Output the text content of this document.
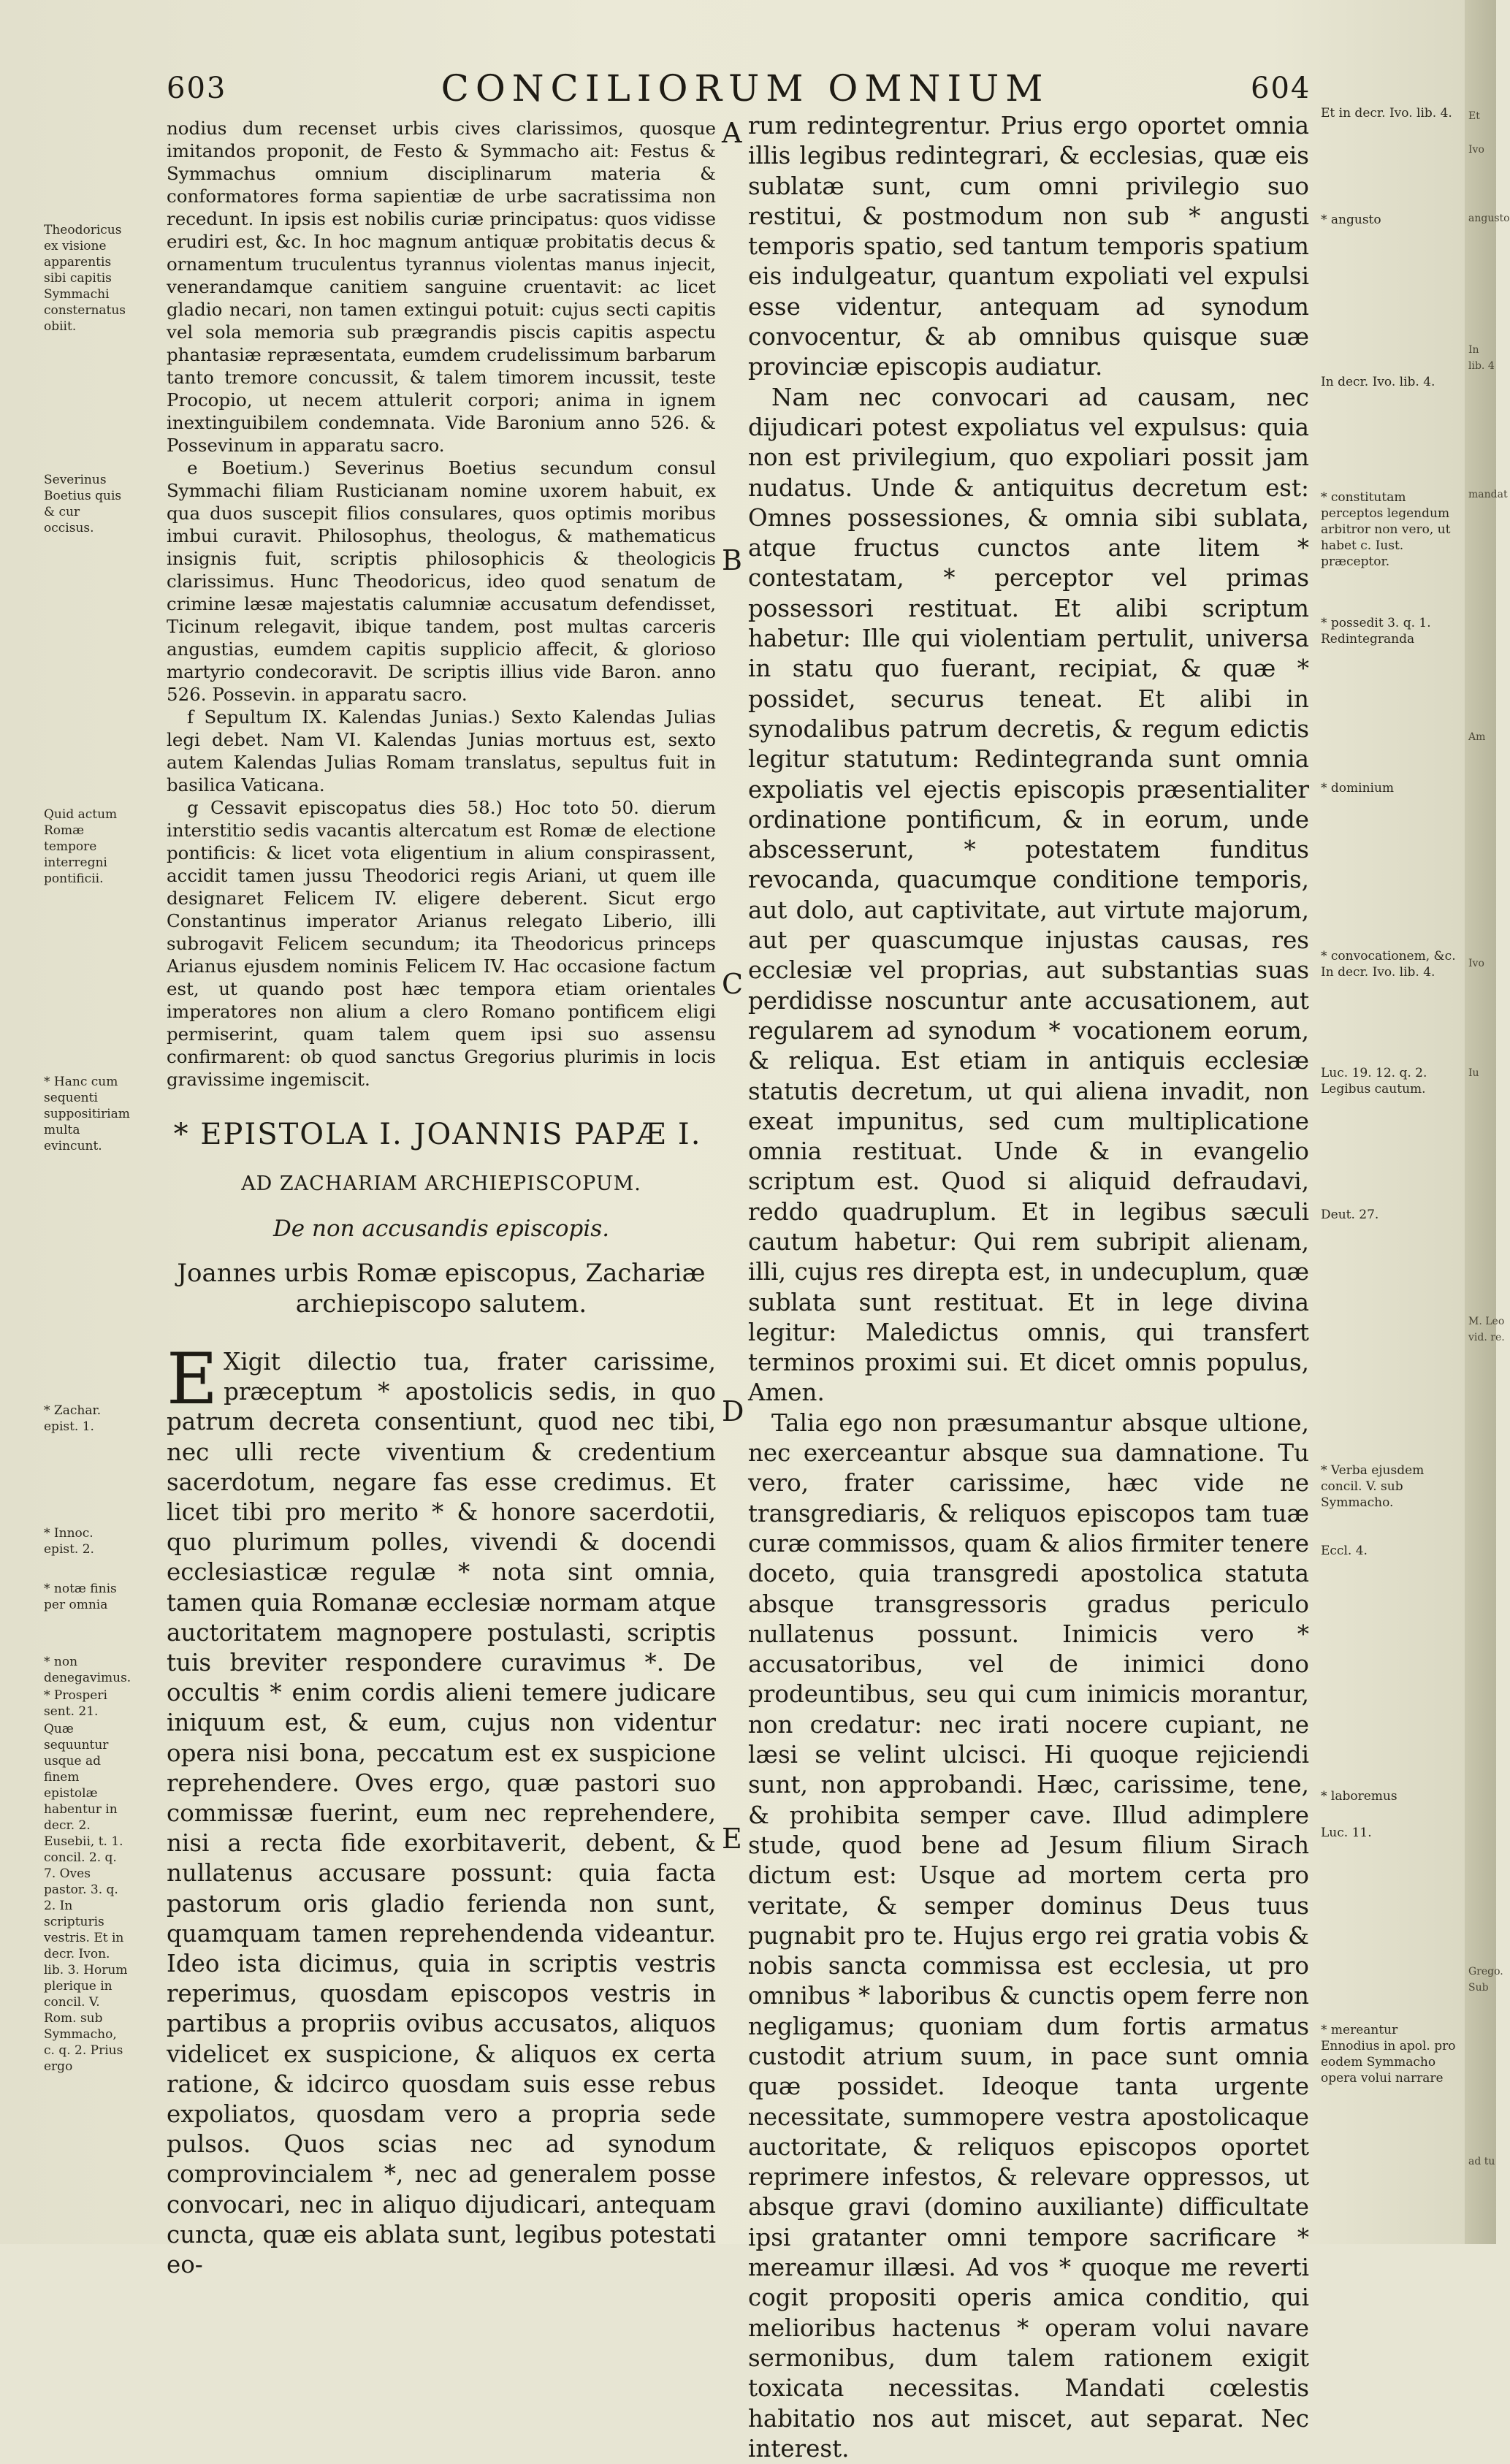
603	CONCILIORUM OMNIUM	604

nodius dum recenset urbis cives clarissimos, quosque imitandos proponit, de Festo & Symmacho ait: Festus & Symmachus omnium disciplinarum materia & conformatores forma sapientiæ de urbe sacratissima non recedunt. In ipsis est nobilis curiæ principatus: quos vidisse erudiri est, &c. In hoc magnum antiquæ probitatis decus & ornamentum truculentus tyrannus violentas manus injecit, venerandamque canitiem sanguine cruentavit: ac licet gladio necari, non tamen extingui potuit: cujus secti capitis vel sola memoria sub prægrandis piscis capitis aspectu phantasiæ repræsentata, eumdem crudelissimum barbarum tanto tremore concussit, & talem timorem incussit, teste Procopio, ut necem attulerit corpori; anima in ignem inextinguibilem condemnata. Vide Baronium anno 526. & Possevinum in apparatu sacro.

e Boetium.) Severinus Boetius secundum consul Symmachi filiam Rusticianam nomine uxorem habuit, ex qua duos suscepit filios consulares, quos optimis moribus imbui curavit. Philosophus, theologus, & mathematicus insignis fuit, scriptis philosophicis & theologicis clarissimus. Hunc Theodoricus, ideo quod senatum de crimine læsæ majestatis calumniæ accusatum defendisset, Ticinum relegavit, ibique tandem, post multas carceris angustias, eumdem capitis supplicio affecit, & glorioso martyrio condecoravit. De scriptis illius vide Baron. anno 526. Possevin. in apparatu sacro.

f Sepultum IX. Kalendas Junias.) Sexto Kalendas Julias legi debet. Nam VI. Kalendas Junias mortuus est, sexto autem Kalendas Julias Romam translatus, sepultus fuit in basilica Vaticana.

g Cessavit episcopatus dies 58.) Hoc toto 50. dierum interstitio sedis vacantis altercatum est Romæ de electione pontificis: & licet vota eligentium in alium conspirassent, accidit tamen jussu Theodorici regis Ariani, ut quem ille designaret Felicem IV. eligere deberent. Sicut ergo Constantinus imperator Arianus relegato Liberio, illi subrogavit Felicem secundum; ita Theodoricus princeps Arianus ejusdem nominis Felicem IV. Hac occasione factum est, ut quando post hæc tempora etiam orientales imperatores non alium a clero Romano pontificem eligi permiserint, quam talem quem ipsi suo assensu confirmarent: ob quod sanctus Gregorius plurimis in locis gravissime ingemiscit.

* EPISTOLA I. JOANNIS PAPÆ I.
AD ZACHARIAM ARCHIEPISCOPUM.
De non accusandis episcopis.
Joannes urbis Romæ episcopus, Zachariæ archiepiscopo salutem.

E Xigit dilectio tua, frater carissime, præceptum * apostolicis sedis, in quo patrum decreta consentiunt, quod nec tibi, nec ulli recte viventium & credentium sacerdotum, negare fas esse credimus. Et licet tibi pro merito * & honore sacerdotii, quo plurimum polles, vivendi & docendi ecclesiasticæ regulæ * nota sint omnia, tamen quia Romanæ ecclesiæ normam atque auctoritatem magnopere postulasti, scriptis tuis breviter respondere curavimus *. De occultis * enim cordis alieni temere judicare iniquum est, & eum, cujus non videntur opera nisi bona, peccatum est ex suspicione reprehendere. Oves ergo, quæ pastori suo commissæ fuerint, eum nec reprehendere, nisi a recta fide exorbitaverit, debent, & nullatenus accusare possunt: quia facta pastorum oris gladio ferienda non sunt, quamquam tamen reprehendenda videantur. Ideo ista dicimus, quia in scriptis vestris reperimus, quosdam episcopos vestris in partibus a propriis ovibus accusatos, aliquos videlicet ex suspicione, & aliquos ex certa ratione, & idcirco quosdam suis esse rebus expoliatos, quosdam vero a propria sede pulsos. Quos scias nec ad synodum comprovincialem *, nec ad generalem posse convocari, nec in aliquo dijudicari, antequam cuncta, quæ eis ablata sunt, legibus potestati eo-

rum redintegrentur. Prius ergo oportet omnia illis legibus redintegrari, & ecclesias, quæ eis sublatæ sunt, cum omni privilegio suo restitui, & postmodum non sub * angusti temporis spatio, sed tantum temporis spatium eis indulgeatur, quantum expoliati vel expulsi esse videntur, antequam ad synodum convocentur, & ab omnibus quisque suæ provinciæ episcopis audiatur.

Nam nec convocari ad causam, nec dijudicari potest expoliatus vel expulsus: quia non est privilegium, quo expoliari possit jam nudatus. Unde & antiquitus decretum est: Omnes possessiones, & omnia sibi sublata, atque fructus cunctos ante litem * contestatam, * perceptor vel primas possessori restituat. Et alibi scriptum habetur: Ille qui violentiam pertulit, universa in statu quo fuerant, recipiat, & quæ * possidet, securus teneat. Et alibi in synodalibus patrum decretis, & regum edictis legitur statutum: Redintegranda sunt omnia expoliatis vel ejectis episcopis præsentialiter ordinatione pontificum, & in eorum, unde abscesserunt, * potestatem funditus revocanda, quacumque conditione temporis, aut dolo, aut captivitate, aut virtute majorum, aut per quascumque injustas causas, res ecclesiæ vel proprias, aut substantias suas perdidisse noscuntur ante accusationem, aut regularem ad synodum * vocationem eorum, & reliqua. Est etiam in antiquis ecclesiæ statutis decretum, ut qui aliena invadit, non exeat impunitus, sed cum multiplicatione omnia restituat. Unde & in evangelio scriptum est. Quod si aliquid defraudavi, reddo quadruplum. Et in legibus sæculi cautum habetur: Qui rem subripit alienam, illi, cujus res direpta est, in undecuplum, quæ sublata sunt restituat. Et in lege divina legitur: Maledictus omnis, qui transfert terminos proximi sui. Et dicet omnis populus, Amen.

Talia ego non præsumantur absque ultione, nec exerceantur absque sua damnatione. Tu vero, frater carissime, hæc vide ne transgrediaris, & reliquos episcopos tam tuæ curæ commissos, quam & alios firmiter tenere doceto, quia transgredi apostolica statuta absque transgressoris gradus periculo nullatenus possunt. Inimicis vero * accusatoribus, vel de inimici dono prodeuntibus, seu qui cum inimicis morantur, non credatur: nec irati nocere cupiant, ne læsi se velint ulcisci. Hi quoque rejiciendi sunt, non approbandi. Hæc, carissime, tene, & prohibita semper cave. Illud adimplere stude, quod bene ad Jesum filium Sirach dictum est: Usque ad mortem certa pro veritate, & semper dominus Deus tuus pugnabit pro te. Hujus ergo rei gratia vobis & nobis sancta commissa est ecclesia, ut pro omnibus * laboribus & cunctis opem ferre non negligamus; quoniam dum fortis armatus custodit atrium suum, in pace sunt omnia quæ possidet. Ideoque tanta urgente necessitate, summopere vestra apostolicaque auctoritate, & reliquos episcopos oportet reprimere infestos, & relevare oppressos, ut absque gravi (domino auxiliante) difficultate ipsi gratanter omni tempore sacrificare * mereamur illæsi. Ad vos * quoque me reverti cogit propositi operis amica conditio, qui melioribus hactenus * operam volui navare sermonibus, dum talem rationem exigit toxicata necessitas. Mandati cœlestis habitatio nos aut miscet, aut separat. Nec interest.

A
B
C
D
E
Theodoricus ex visione apparentis sibi capitis Symmachi consternatus obiit.
Severinus Boetius quis & cur occisus.
Quid actum Romæ tempore interregni pontificii.
* Hanc cum sequenti suppositiriam multa evincunt.
* Zachar. epist. 1.
* Innoc. epist. 2.
* notæ finis per omnia
* non denegavimus.
* Prosperi sent. 21.
Quæ sequuntur usque ad finem epistolæ habentur in decr. 2. Eusebii, t. 1. concil. 2. q. 7. Oves pastor. 3. q. 2. In scripturis vestris. Et in decr. Ivon. lib. 3. Horum plerique in concil. V. Rom. sub Symmacho, c. q. 2. Prius ergo
Et in decr. Ivo. lib. 4.
* angusto
In decr. Ivo. lib. 4.
* constitutam perceptos legendum arbitror non vero, ut habet c. Iust. præceptor.
* possedit 3. q. 1. Redintegranda
* dominium
* convocationem, &c. In decr. Ivo. lib. 4.
Luc. 19. 12. q. 2. Legibus cautum.
Deut. 27.
* Verba ejusdem concil. V. sub Symmacho.
Eccl. 4.
* laboremus
Luc. 11.
* mereantur Ennodius in apol. pro eodem Symmacho opera volui narrare
Et
Ivo
angusto
In
lib. 4
mandat
Am
Ivo
Iu
M. Leo
vid. re.
Grego.
Sub
ad tu
